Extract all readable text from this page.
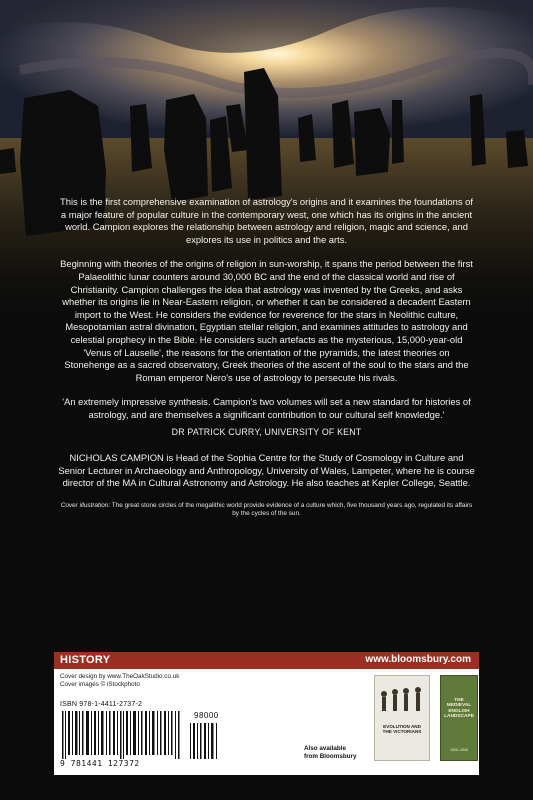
This is the first comprehensive examination of astrology's origins and it examines the foundations of a major feature of popular culture in the contemporary west, one which has its origins in the ancient world. Campion explores the relationship between astrology and religion, magic and science, and explores its use in politics and the arts.

Beginning with theories of the origins of religion in sun-worship, it spans the period between the first Palaeolithic lunar counters around 30,000 BC and the end of the classical world and rise of Christianity. Campion challenges the idea that astrology was invented by the Greeks, and asks whether its origins lie in Near-Eastern religion, or whether it can be considered a decadent Eastern import to the West. He considers the evidence for reverence for the stars in Neolithic culture, Mesopotamian astral divination, Egyptian stellar religion, and examines attitudes to astrology and celestial prophecy in the Bible. He considers such artefacts as the mysterious, 15,000-year-old 'Venus of Lauselle', the reasons for the orientation of the pyramids, the latest theories on Stonehenge as a sacred observatory, Greek theories of the ascent of the soul to the stars and the Roman emperor Nero's use of astrology to persecute his rivals.

'An extremely impressive synthesis. Campion's two volumes will set a new standard for histories of astrology, and are themselves a significant contribution to our cultural self knowledge.'

DR PATRICK CURRY, UNIVERSITY OF KENT

NICHOLAS CAMPION is Head of the Sophia Centre for the Study of Cosmology in Culture and Senior Lecturer in Archaeology and Anthropology, University of Wales, Lampeter, where he is course director of the MA in Cultural Astronomy and Astrology. He also teaches at Kepler College, Seattle.

Cover illustration: The great stone circles of the megalithic world provide evidence of a culture which, five thousand years ago, regulated its affairs by the cycles of the sun.

HISTORY	www.bloomsbury.com
Cover design by www.TheOakStudio.co.uk
Cover images © iStockphoto
ISBN 978-1-4411-2737-2
98000
9 781441 127372
Also available
from Bloomsbury
EVOLUTION AND THE VICTORIANS
THE MEDIEVAL ENGLISH LANDSCAPE
1000–1540
